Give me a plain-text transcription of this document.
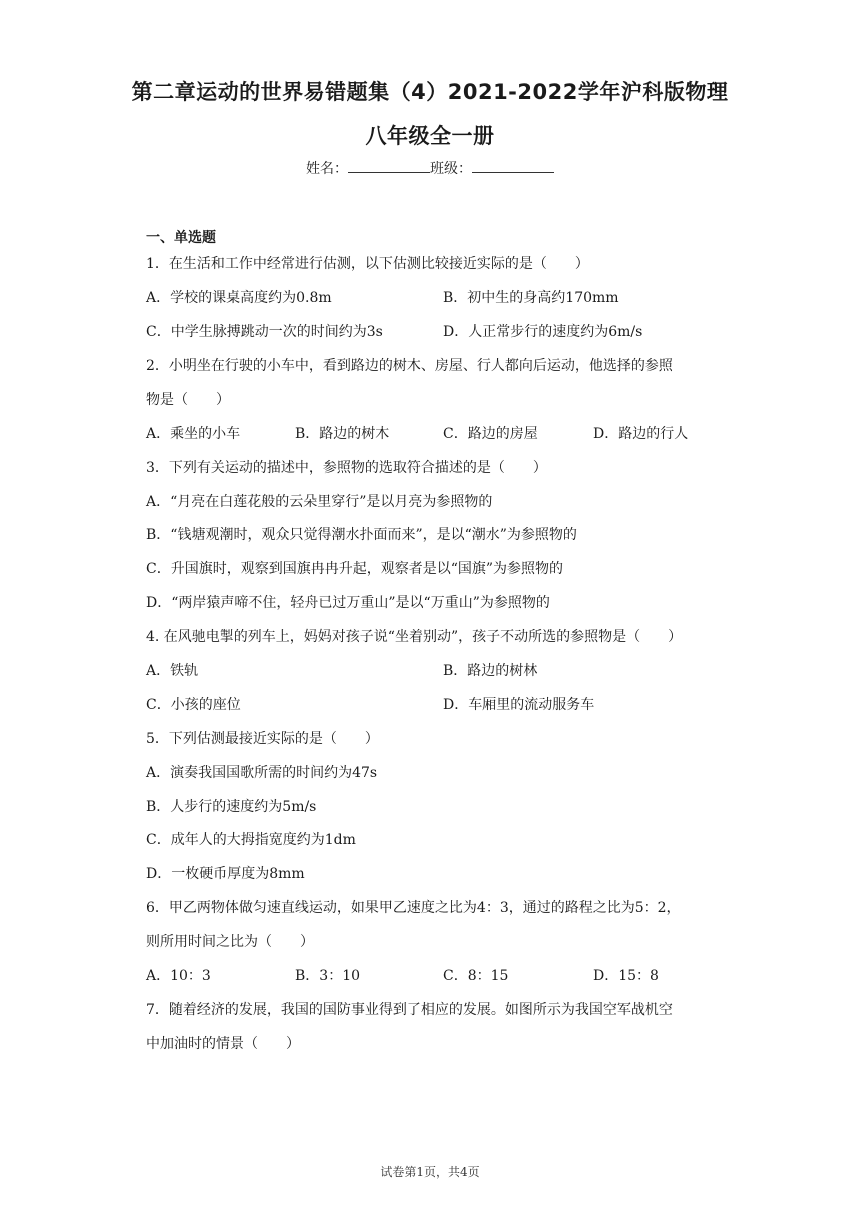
第二章运动的世界易错题集（4）2021-2022学年沪科版物理
八年级全一册
姓名：	班级：
一、单选题
1．在生活和工作中经常进行估测，以下估测比较接近实际的是（　　）
A．学校的课桌高度约为0.8m	B．初中生的身高约170mm
C．中学生脉搏跳动一次的时间约为3s	D．人正常步行的速度约为6m/s
2．小明坐在行驶的小车中，看到路边的树木、房屋、行人都向后运动，他选择的参照
物是（　　）
A．乘坐的小车	B．路边的树木	C．路边的房屋	D．路边的行人
3．下列有关运动的描述中，参照物的选取符合描述的是（　　）
A．“月亮在白莲花般的云朵里穿行”是以月亮为参照物的
B．“钱塘观潮时，观众只觉得潮水扑面而来”，是以“潮水”为参照物的
C．升国旗时，观察到国旗冉冉升起，观察者是以“国旗”为参照物的
D．“两岸猿声啼不住，轻舟已过万重山”是以“万重山”为参照物的
4. 在风驰电掣的列车上，妈妈对孩子说“坐着别动”，孩子不动所选的参照物是（　　）
A．铁轨	B．路边的树林
C．小孩的座位	D．车厢里的流动服务车
5．下列估测最接近实际的是（　　）
A．演奏我国国歌所需的时间约为47s
B．人步行的速度约为5m/s
C．成年人的大拇指宽度约为1dm
D．一枚硬币厚度为8mm
6．甲乙两物体做匀速直线运动，如果甲乙速度之比为4：3，通过的路程之比为5：2，
则所用时间之比为（　　）
A．10：3	B．3：10	C．8：15	D．15：8
7．随着经济的发展，我国的国防事业得到了相应的发展。如图所示为我国空军战机空
中加油时的情景（　　）
试卷第1页，共4页
